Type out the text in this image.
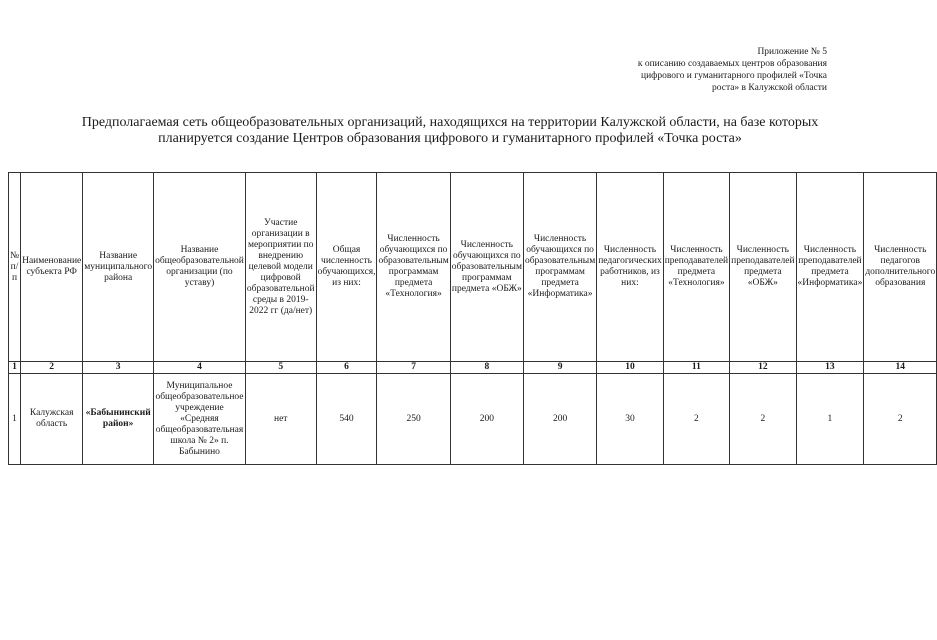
Приложение № 5
к описанию создаваемых центров образования
цифрового и гуманитарного профилей «Точка
роста» в Калужской области
Предполагаемая сеть общеобразовательных организаций, находящихся на территории Калужской области, на базе которых
планируется создание Центров образования цифрового и гуманитарного профилей «Точка роста»
№ п/п	Наименование субъекта РФ	Название муниципального района	Название общеобразовательной организации (по уставу)	Участие организации в мероприятии по внедрению целевой модели цифровой образовательной среды в 2019-2022 гг (да/нет)	Общая численность обучающихся, из них:	Численность обучающихся по образовательным программам предмета «Технология»	Численность обучающихся по образовательным программам предмета «ОБЖ»	Численность обучающихся по образовательным программам предмета «Информатика»	Численность педагогических работников, из них:	Численность преподавателей предмета «Технология»	Численность преподавателей предмета «ОБЖ»	Численность преподавателей предмета «Информатика»	Численность педагогов дополнительного образования
1	2	3	4	5	6	7	8	9	10	11	12	13	14
1	Калужская область	«Бабынинский район»	Муниципальное общеобразовательное учреждение «Средняя общеобразовательная школа № 2» п. Бабынино	нет	540	250	200	200	30	2	2	1	2
